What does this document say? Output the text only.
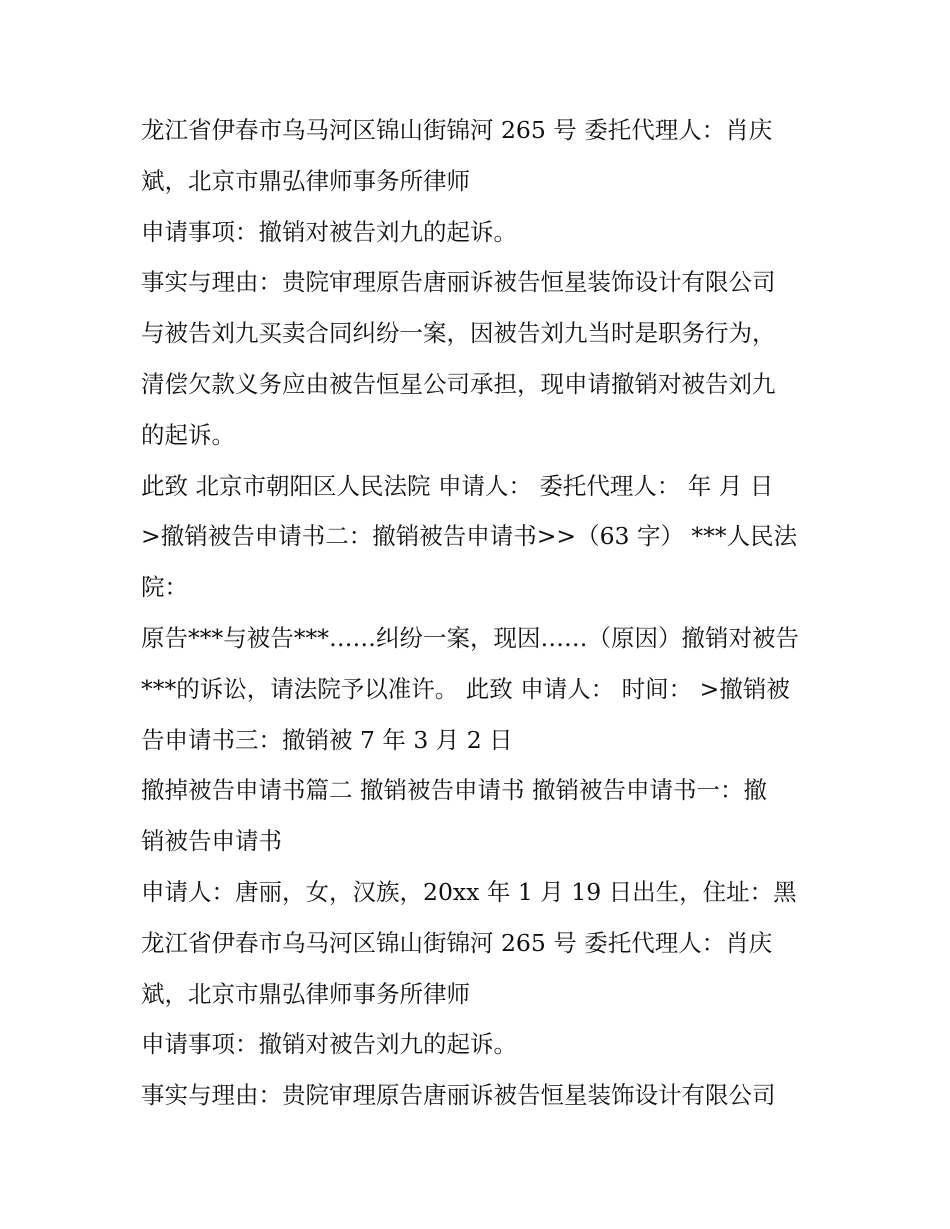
龙江省伊春市乌马河区锦山街锦河 265 号 委托代理人：肖庆
斌，北京市鼎弘律师事务所律师
申请事项：撤销对被告刘九的起诉。
事实与理由：贵院审理原告唐丽诉被告恒星装饰设计有限公司
与被告刘九买卖合同纠纷一案，因被告刘九当时是职务行为，
清偿欠款义务应由被告恒星公司承担，现申请撤销对被告刘九
的起诉。
此致 北京市朝阳区人民法院 申请人： 委托代理人： 年 月 日
>撤销被告申请书二：撤销被告申请书>>（63 字） ***人民法
院：
原告***与被告***……纠纷一案，现因……（原因）撤销对被告
***的诉讼，请法院予以准许。 此致 申请人： 时间： >撤销被
告申请书三：撤销被 7 年 3 月 2 日
撤掉被告申请书篇二 撤销被告申请书 撤销被告申请书一：撤
销被告申请书
申请人：唐丽，女，汉族，20xx 年 1 月 19 日出生，住址：黑
龙江省伊春市乌马河区锦山街锦河 265 号 委托代理人：肖庆
斌，北京市鼎弘律师事务所律师
申请事项：撤销对被告刘九的起诉。
事实与理由：贵院审理原告唐丽诉被告恒星装饰设计有限公司
